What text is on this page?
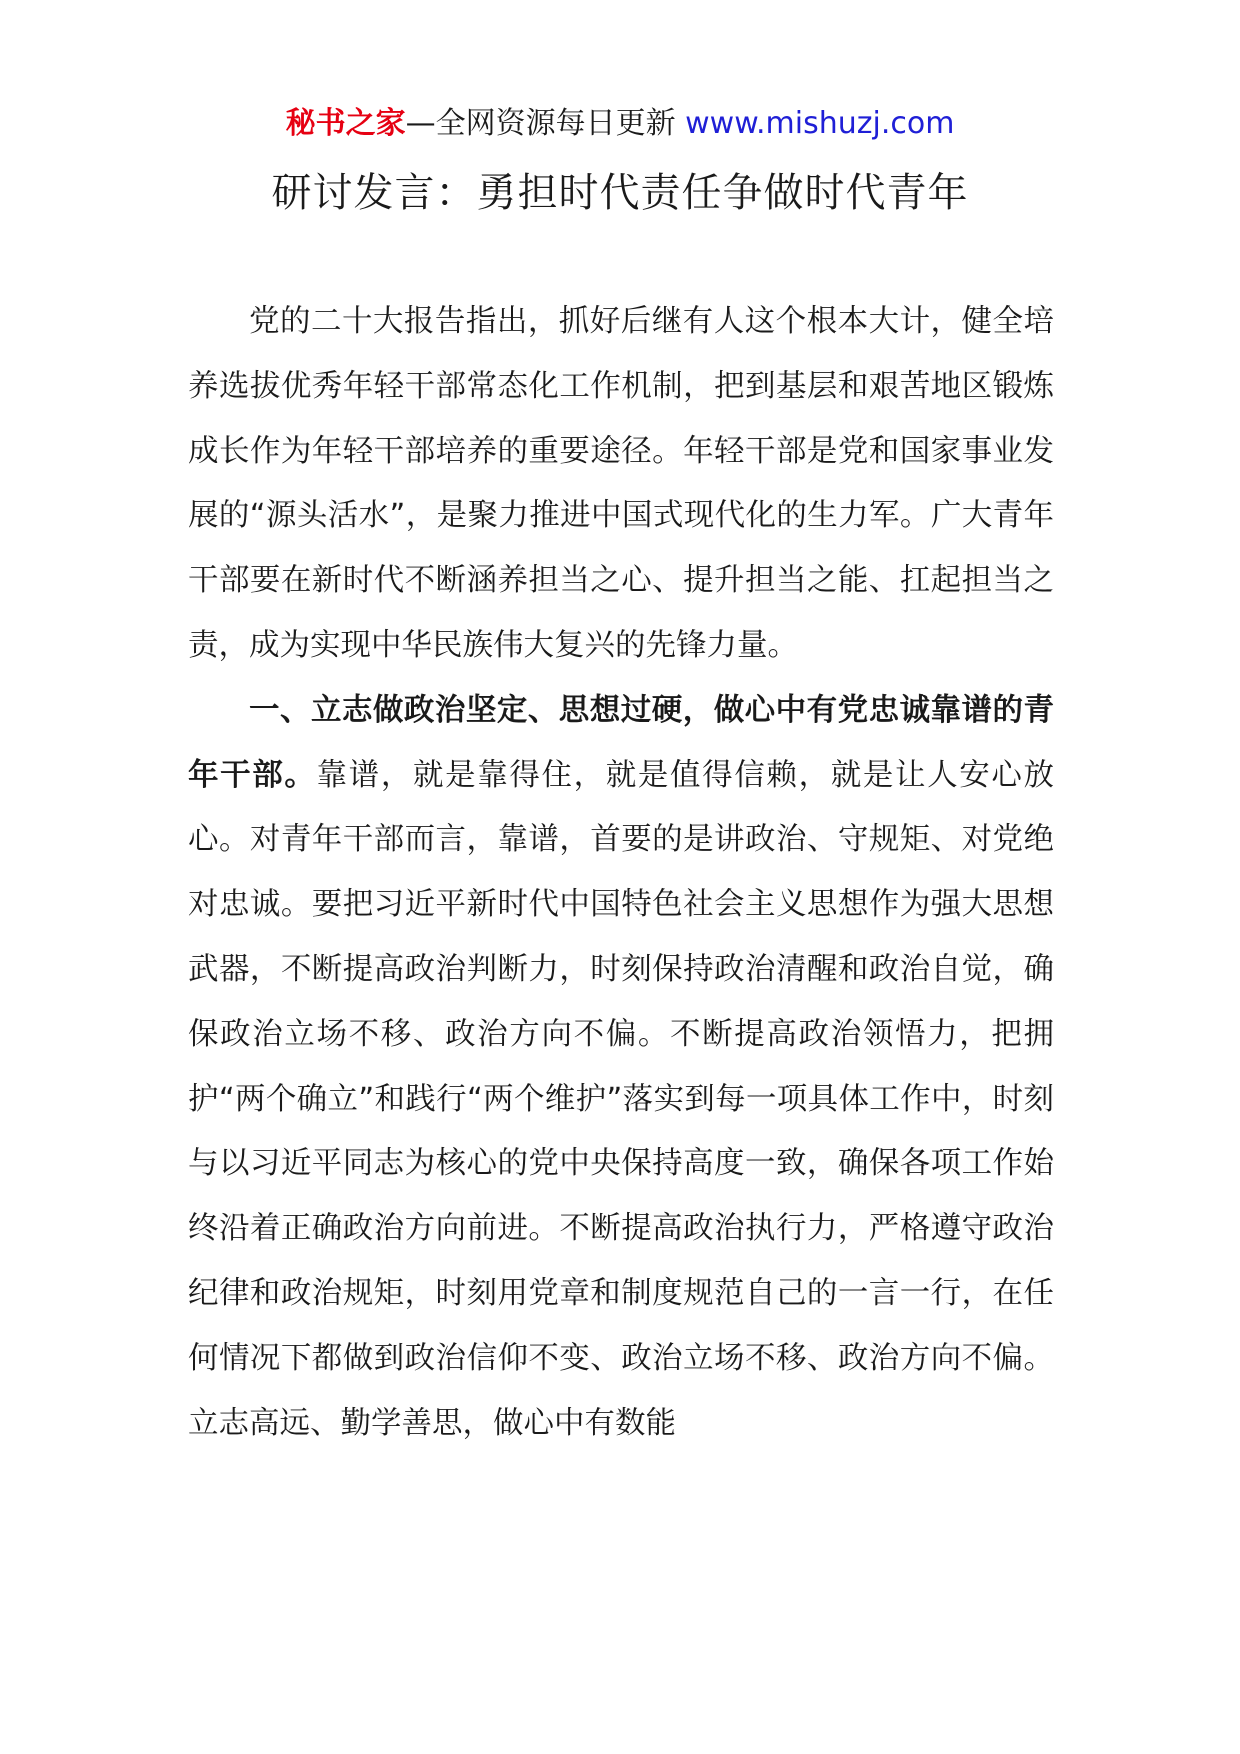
秘书之家—全网资源每日更新 www.mishuzj.com
研讨发言：勇担时代责任争做时代青年

党的二十大报告指出，抓好后继有人这个根本大计，健全培养选拔优秀年轻干部常态化工作机制，把到基层和艰苦地区锻炼成长作为年轻干部培养的重要途径。年轻干部是党和国家事业发展的“源头活水”，是聚力推进中国式现代化的生力军。广大青年干部要在新时代不断涵养担当之心、提升担当之能、扛起担当之责，成为实现中华民族伟大复兴的先锋力量。

一、立志做政治坚定、思想过硬，做心中有党忠诚靠谱的青年干部。靠谱，就是靠得住，就是值得信赖，就是让人安心放心。对青年干部而言，靠谱，首要的是讲政治、守规矩、对党绝对忠诚。要把习近平新时代中国特色社会主义思想作为强大思想武器，不断提高政治判断力，时刻保持政治清醒和政治自觉，确保政治立场不移、政治方向不偏。不断提高政治领悟力，把拥护“两个确立”和践行“两个维护”落实到每一项具体工作中，时刻与以习近平同志为核心的党中央保持高度一致，确保各项工作始终沿着正确政治方向前进。不断提高政治执行力，严格遵守政治纪律和政治规矩，时刻用党章和制度规范自己的一言一行，在任何情况下都做到政治信仰不变、政治立场不移、政治方向不偏。立志高远、勤学善思，做心中有数能
